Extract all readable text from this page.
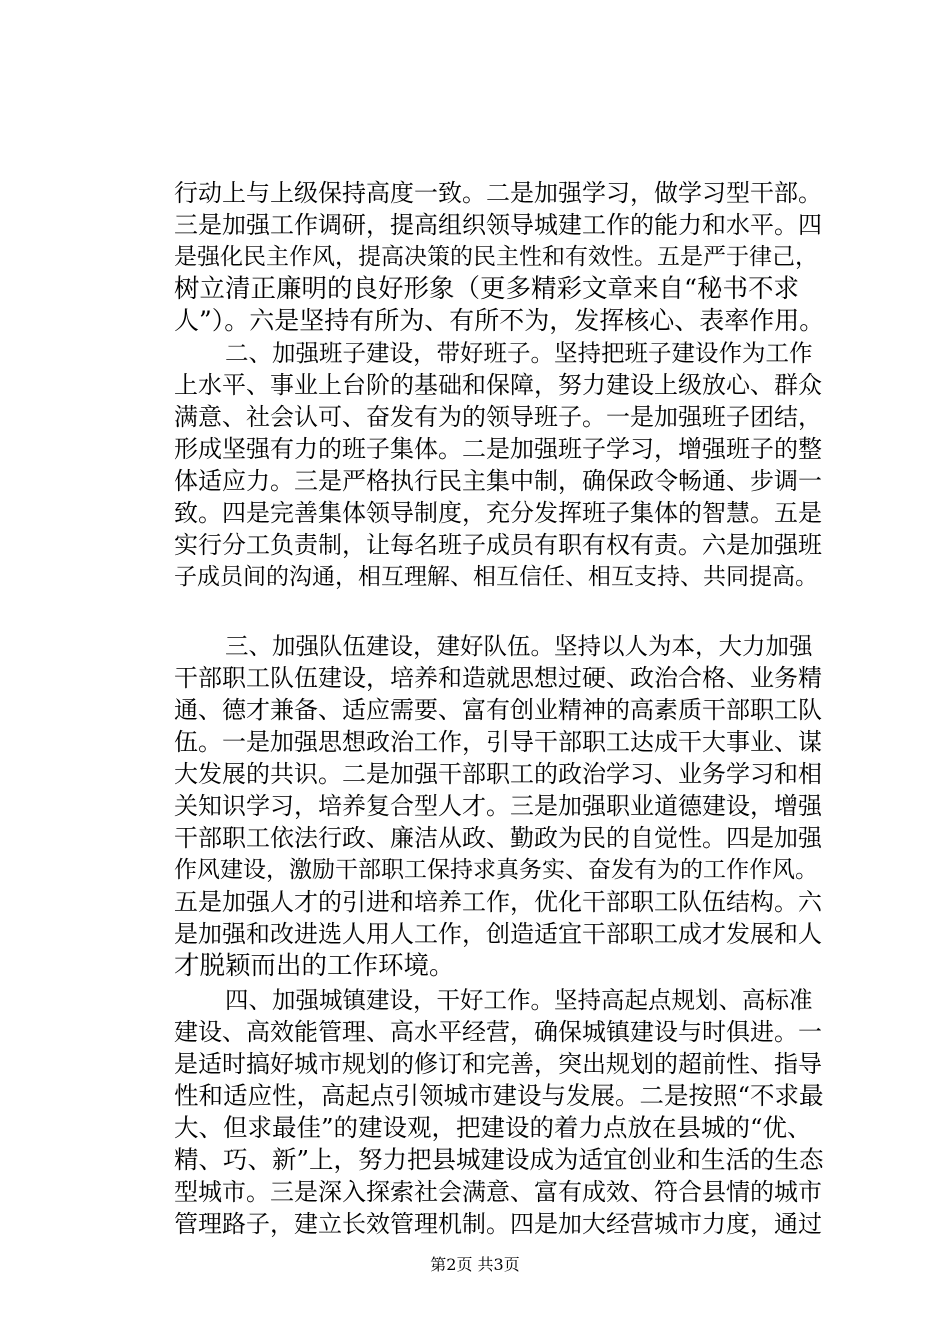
行动上与上级保持高度一致。二是加强学习，做学习型干部。
三是加强工作调研，提高组织领导城建工作的能力和水平。四
是强化民主作风，提高决策的民主性和有效性。五是严于律己，
树立清正廉明的良好形象（更多精彩文章来自“秘书不求
人”）。六是坚持有所为、有所不为，发挥核心、表率作用。
二、加强班子建设，带好班子。坚持把班子建设作为工作
上水平、事业上台阶的基础和保障，努力建设上级放心、群众
满意、社会认可、奋发有为的领导班子。一是加强班子团结，
形成坚强有力的班子集体。二是加强班子学习，增强班子的整
体适应力。三是严格执行民主集中制，确保政令畅通、步调一
致。四是完善集体领导制度，充分发挥班子集体的智慧。五是
实行分工负责制，让每名班子成员有职有权有责。六是加强班
子成员间的沟通，相互理解、相互信任、相互支持、共同提高。
三、加强队伍建设，建好队伍。坚持以人为本，大力加强
干部职工队伍建设，培养和造就思想过硬、政治合格、业务精
通、德才兼备、适应需要、富有创业精神的高素质干部职工队
伍。一是加强思想政治工作，引导干部职工达成干大事业、谋
大发展的共识。二是加强干部职工的政治学习、业务学习和相
关知识学习，培养复合型人才。三是加强职业道德建设，增强
干部职工依法行政、廉洁从政、勤政为民的自觉性。四是加强
作风建设，激励干部职工保持求真务实、奋发有为的工作作风。
五是加强人才的引进和培养工作，优化干部职工队伍结构。六
是加强和改进选人用人工作，创造适宜干部职工成才发展和人
才脱颖而出的工作环境。
四、加强城镇建设，干好工作。坚持高起点规划、高标准
建设、高效能管理、高水平经营，确保城镇建设与时俱进。一
是适时搞好城市规划的修订和完善，突出规划的超前性、指导
性和适应性，高起点引领城市建设与发展。二是按照“不求最
大、但求最佳”的建设观，把建设的着力点放在县城的“优、
精、巧、新”上，努力把县城建设成为适宜创业和生活的生态
型城市。三是深入探索社会满意、富有成效、符合县情的城市
管理路子，建立长效管理机制。四是加大经营城市力度，通过
第2页 共3页
